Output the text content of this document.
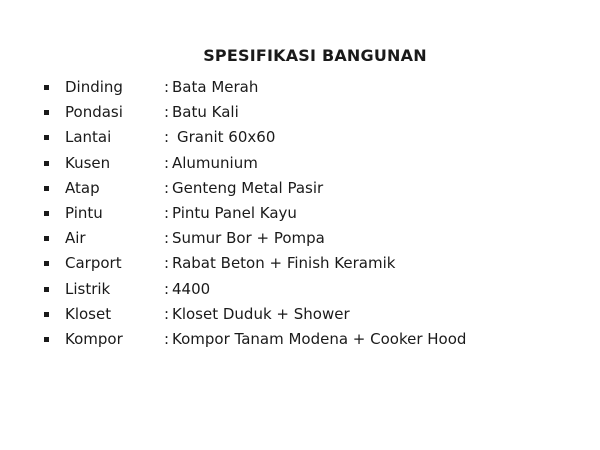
SPESIFIKASI BANGUNAN
Dinding	: Bata Merah
Pondasi	: Batu Kali
Lantai	: Granit 60x60
Kusen	: Alumunium
Atap	: Genteng Metal Pasir
Pintu	: Pintu Panel Kayu
Air	: Sumur Bor + Pompa
Carport	: Rabat Beton + Finish Keramik
Listrik	: 4400
Kloset	: Kloset Duduk + Shower
Kompor	: Kompor Tanam Modena + Cooker Hood
